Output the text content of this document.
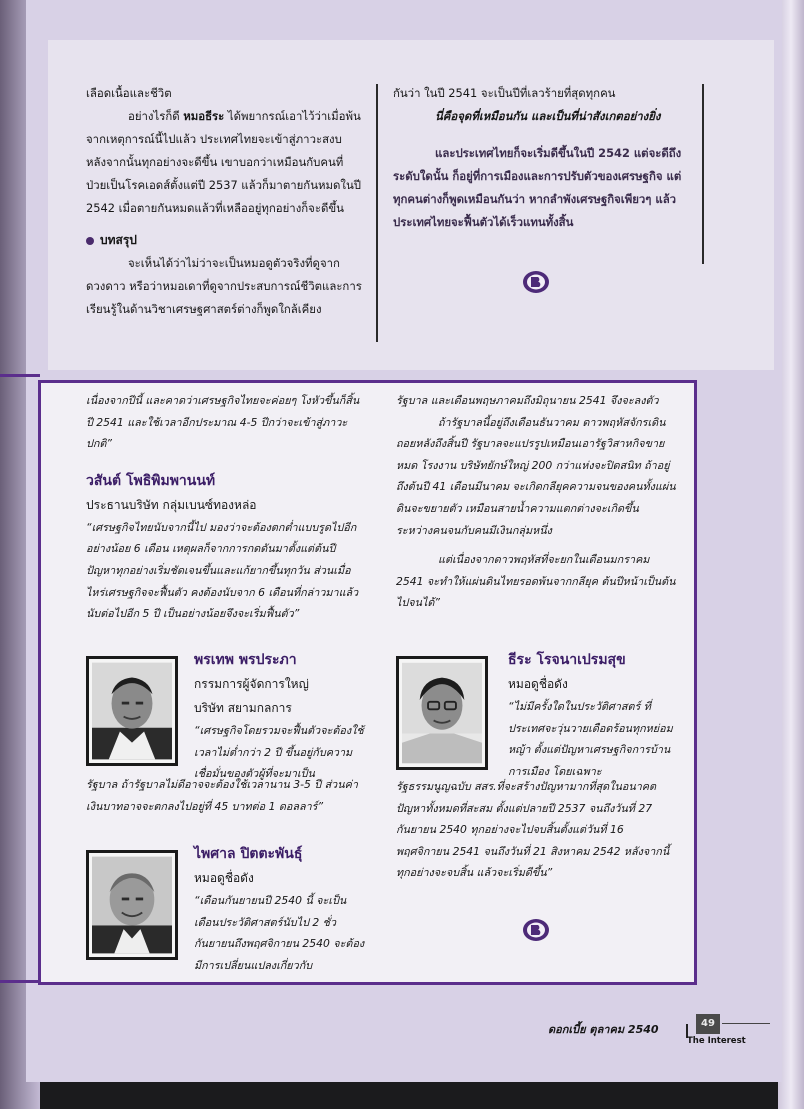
เลือดเนื้อและชีวิต

อย่างไรก็ดี หมอธีระ ได้พยากรณ์เอาไว้ว่าเมื่อพ้นจากเหตุการณ์นี้ไปแล้ว ประเทศไทยจะเข้าสู่ภาวะสงบ หลังจากนั้นทุกอย่างจะดีขึ้น เขาบอกว่าเหมือนกับคนที่ป่วยเป็นโรคเอดส์ตั้งแต่ปี 2537 แล้วก็มาตายกันหมดในปี 2542 เมื่อตายกันหมดแล้วที่เหลืออยู่ทุกอย่างก็จะดีขึ้น

บทสรุป

จะเห็นได้ว่าไม่ว่าจะเป็นหมอดูตัวจริงที่ดูจากดวงดาว หรือว่าหมอเดาที่ดูจากประสบการณ์ชีวิตและการเรียนรู้ในด้านวิชาเศรษฐศาสตร์ต่างก็พูดใกล้เคียง

กันว่า ในปี 2541 จะเป็นปีที่เลวร้ายที่สุดทุกคน

นี่คือจุดที่เหมือนกัน และเป็นที่น่าสังเกตอย่างยิ่ง

และประเทศไทยก็จะเริ่มดีขึ้นในปี 2542 แต่จะดีถึงระดับใดนั้น ก็อยู่ที่การเมืองและการปรับตัวของเศรษฐกิจ แต่ทุกคนต่างก็พูดเหมือนกันว่า หากลำพังเศรษฐกิจเพียวๆ แล้วประเทศไทยจะฟื้นตัวได้เร็วแทนทั้งสิ้น

เนื่องจากปีนี้ และคาดว่าเศรษฐกิจไทยจะค่อยๆ โงหัวขึ้นก็สิ้นปี 2541 และใช้เวลาอีกประมาณ 4-5 ปีกว่าจะเข้าสู่ภาวะปกติ”

วสันต์ โพธิพิมพานนท์

ประธานบริษัท กลุ่มเบนซ์ทองหล่อ

“เศรษฐกิจไทยนับจากนี้ไป มองว่าจะต้องตกต่ำแบบรูดไปอีกอย่างน้อย 6 เดือน เหตุผลก็จากการกดดันมาตั้งแต่ต้นปี ปัญหาทุกอย่างเริ่มชัดเจนขึ้นและแก้ยากขึ้นทุกวัน ส่วนเมื่อไหร่เศรษฐกิจจะฟื้นตัว คงต้องนับจาก 6 เดือนที่กล่าวมาแล้วนับต่อไปอีก 5 ปี เป็นอย่างน้อยจึงจะเริ่มฟื้นตัว”

พรเทพ พรประภา

กรรมการผู้จัดการใหญ่

บริษัท สยามกลการ

“เศรษฐกิจโดยรวมจะฟื้นตัวจะต้องใช้เวลาไม่ต่ำกว่า 2 ปี ขึ้นอยู่กับความเชื่อมั่นของตัวผู้ที่จะมาเป็น

รัฐบาล ถ้ารัฐบาลไม่ดีอาจจะต้องใช้เวลานาน 3-5 ปี ส่วนค่าเงินบาทอาจจะตกลงไปอยู่ที่ 45 บาทต่อ 1 ดอลลาร์”

ไพศาล ปิตตะพันธุ์

หมอดูชื่อดัง

“เดือนกันยายนปี 2540 นี้ จะเป็นเดือนประวัติศาสตร์นับไป 2 ชั่วกันยายนถึงพฤศจิกายน 2540 จะต้องมีการเปลี่ยนแปลงเกี่ยวกับ

รัฐบาล และเดือนพฤษภาคมถึงมิถุนายน 2541 จึงจะลงตัว

ถ้ารัฐบาลนี้อยู่ถึงเดือนธันวาคม ดาวพฤหัสจักรเดินถอยหลังถึงสิ้นปี รัฐบาลจะแปรรูปเหมือนเอารัฐวิสาหกิจขายหมด โรงงาน บริษัทยักษ์ใหญ่ 200 กว่าแห่งจะปิดสนิท ถ้าอยู่ถึงต้นปี 41 เดือนมีนาคม จะเกิดกลียุคความจนของคนทั้งแผ่นดินจะขยายตัว เหมือนสายน้ำความแตกต่างจะเกิดขึ้น ระหว่างคนจนกับคนมีเงินกลุ่มหนึ่ง

แต่เนื่องจากดาวพฤหัสที่จะยกในเดือนมกราคม 2541 จะทำให้แผ่นดินไทยรอดพ้นจากกลียุค ต้นปีหน้าเป็นต้นไปจนได้”

ธีระ โรจนาเปรมสุข

หมอดูชื่อดัง

“ไม่มีครั้งใดในประวัติศาสตร์ ที่ประเทศจะวุ่นวายเดือดร้อนทุกหย่อมหญ้า ตั้งแต่ปัญหาเศรษฐกิจการบ้านการเมือง โดยเฉพาะ

รัฐธรรมนูญฉบับ สสร.ที่จะสร้างปัญหามากที่สุดในอนาคต ปัญหาทั้งหมดที่สะสม ตั้งแต่ปลายปี 2537 จนถึงวันที่ 27 กันยายน 2540 ทุกอย่างจะไปจบสิ้นตั้งแต่วันที่ 16 พฤศจิกายน 2541 จนถึงวันที่ 21 สิงหาคม 2542 หลังจากนี้ทุกอย่างจะจบสิ้น แล้วจะเริ่มดีขึ้น”

ดอกเบี้ย ตุลาคม 2540	49
The Interest
